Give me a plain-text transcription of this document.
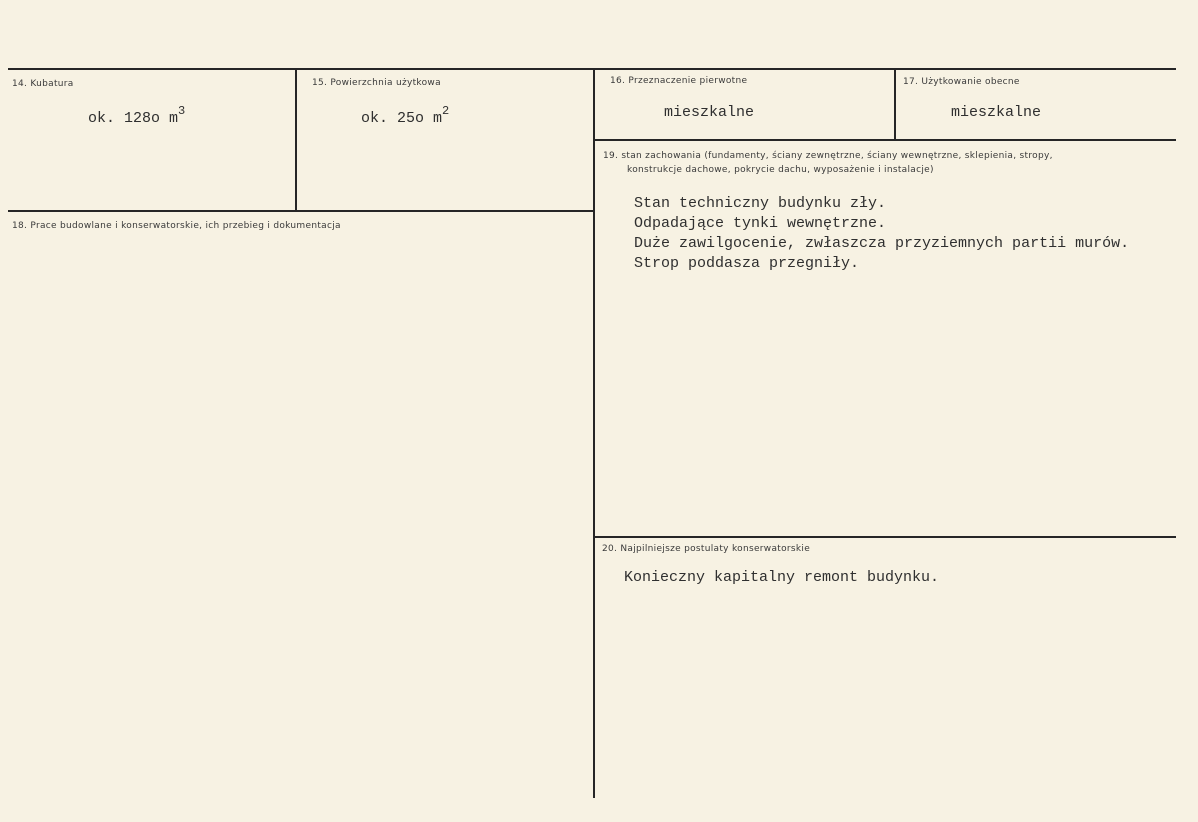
14. Kubatura
ok. 128o $m^3$
15. Powierzchnia użytkowa
ok. 25o $m^2$
16. Przeznaczenie pierwotne
mieszkalne
17. Użytkowanie obecne
mieszkalne
18. Prace budowlane i konserwatorskie, ich przebieg i dokumentacja
19. stan zachowania (fundamenty, ściany zewnętrzne, ściany wewnętrzne, sklepienia, stropy,
konstrukcje dachowe, pokrycie dachu, wyposażenie i instalacje)
Stan techniczny budynku zły.
Odpadające tynki wewnętrzne.
Duże zawilgocenie, zwłaszcza przyziemnych partii murów.
Strop poddasza przegniły.
20. Najpilniejsze postulaty konserwatorskie
Konieczny kapitalny remont budynku.
